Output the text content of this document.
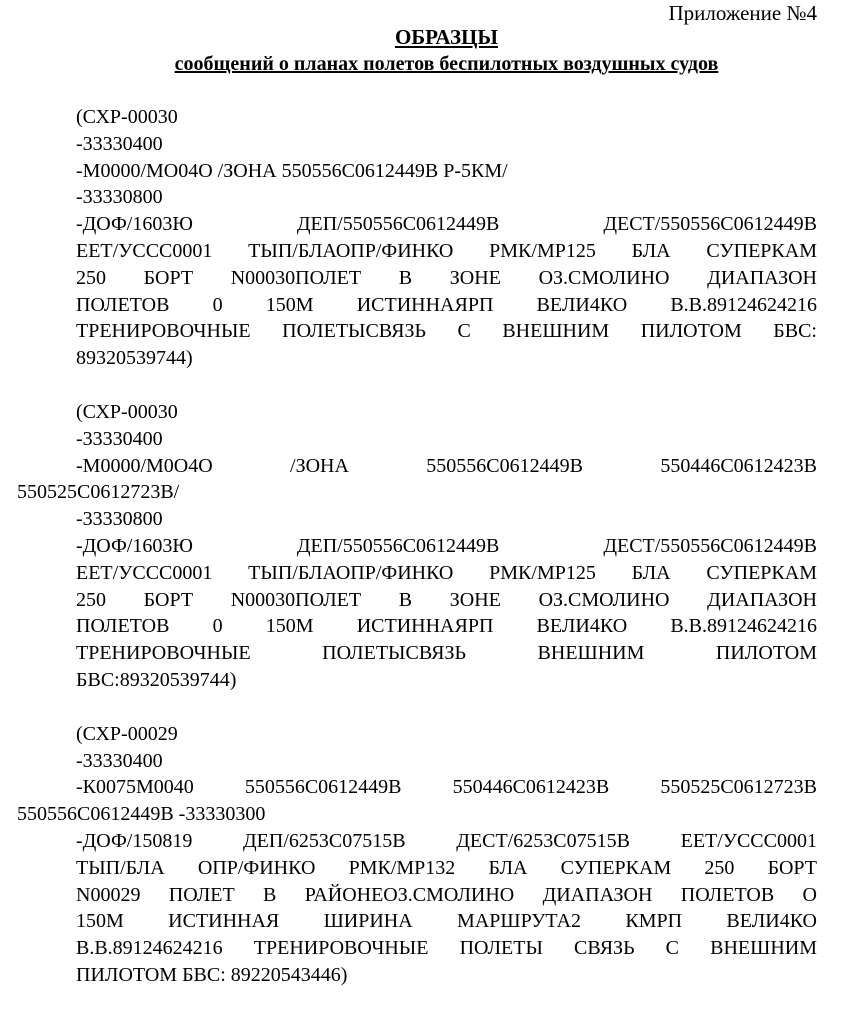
Приложение №4
ОБРАЗЦЫ
сообщений о планах полетов беспилотных воздушных судов
(СХР-00030
-33330400
-М0000/МО04О /ЗОНА 550556С0612449В Р-5КМ/
-33330800
-ДОФ/1603Ю ДЕП/550556С0612449В ДЕСТ/550556С0612449В
ЕЕТ/УССС0001 ТЫП/БЛАОПР/ФИНКО РМК/МР125 БЛА СУПЕРКАМ
250 БОРТ N00030ПОЛЕТ В ЗОНЕ ОЗ.СМОЛИНО ДИАПАЗОН
ПОЛЕТОВ 0 150М ИСТИННАЯРП ВЕЛИ4КО В.В.89124624216
ТРЕНИРОВОЧНЫЕ ПОЛЕТЫСВЯЗЬ С ВНЕШНИМ ПИЛОТОМ БВС:
89320539744)
(СХР-00030
-33330400
-М0000/М0О4О /ЗОНА 550556С0612449В 550446С0612423В
550525С0612723В/
-33330800
-ДОФ/1603Ю ДЕП/550556С0612449В ДЕСТ/550556С0612449В
ЕЕТ/УССС0001 ТЫП/БЛАОПР/ФИНКО РМК/МР125 БЛА СУПЕРКАМ
250 БОРТ N00030ПОЛЕТ В ЗОНЕ ОЗ.СМОЛИНО ДИАПАЗОН
ПОЛЕТОВ 0 150М ИСТИННАЯРП ВЕЛИ4КО В.В.89124624216
ТРЕНИРОВОЧНЫЕ ПОЛЕТЫСВЯЗЬ ВНЕШНИМ ПИЛОТОМ
БВС:89320539744)
(СХР-00029
-33330400
-К0075М0040 550556С0612449В 550446С0612423В 550525С0612723В
550556С0612449В -33330300
-ДОФ/150819 ДЕП/6253С07515В ДЕСТ/6253С07515В ЕЕТ/УССС0001
ТЫП/БЛА ОПР/ФИНКО РМК/МР132 БЛА СУПЕРКАМ 250 БОРТ
N00029 ПОЛЕТ В РАЙОНЕОЗ.СМОЛИНО ДИАПАЗОН ПОЛЕТОВ О
150М ИСТИННАЯ ШИРИНА МАРШРУТА2 КМРП ВЕЛИ4КО
В.В.89124624216 ТРЕНИРОВОЧНЫЕ ПОЛЕТЫ СВЯЗЬ С ВНЕШНИМ
ПИЛОТОМ БВС: 89220543446)
